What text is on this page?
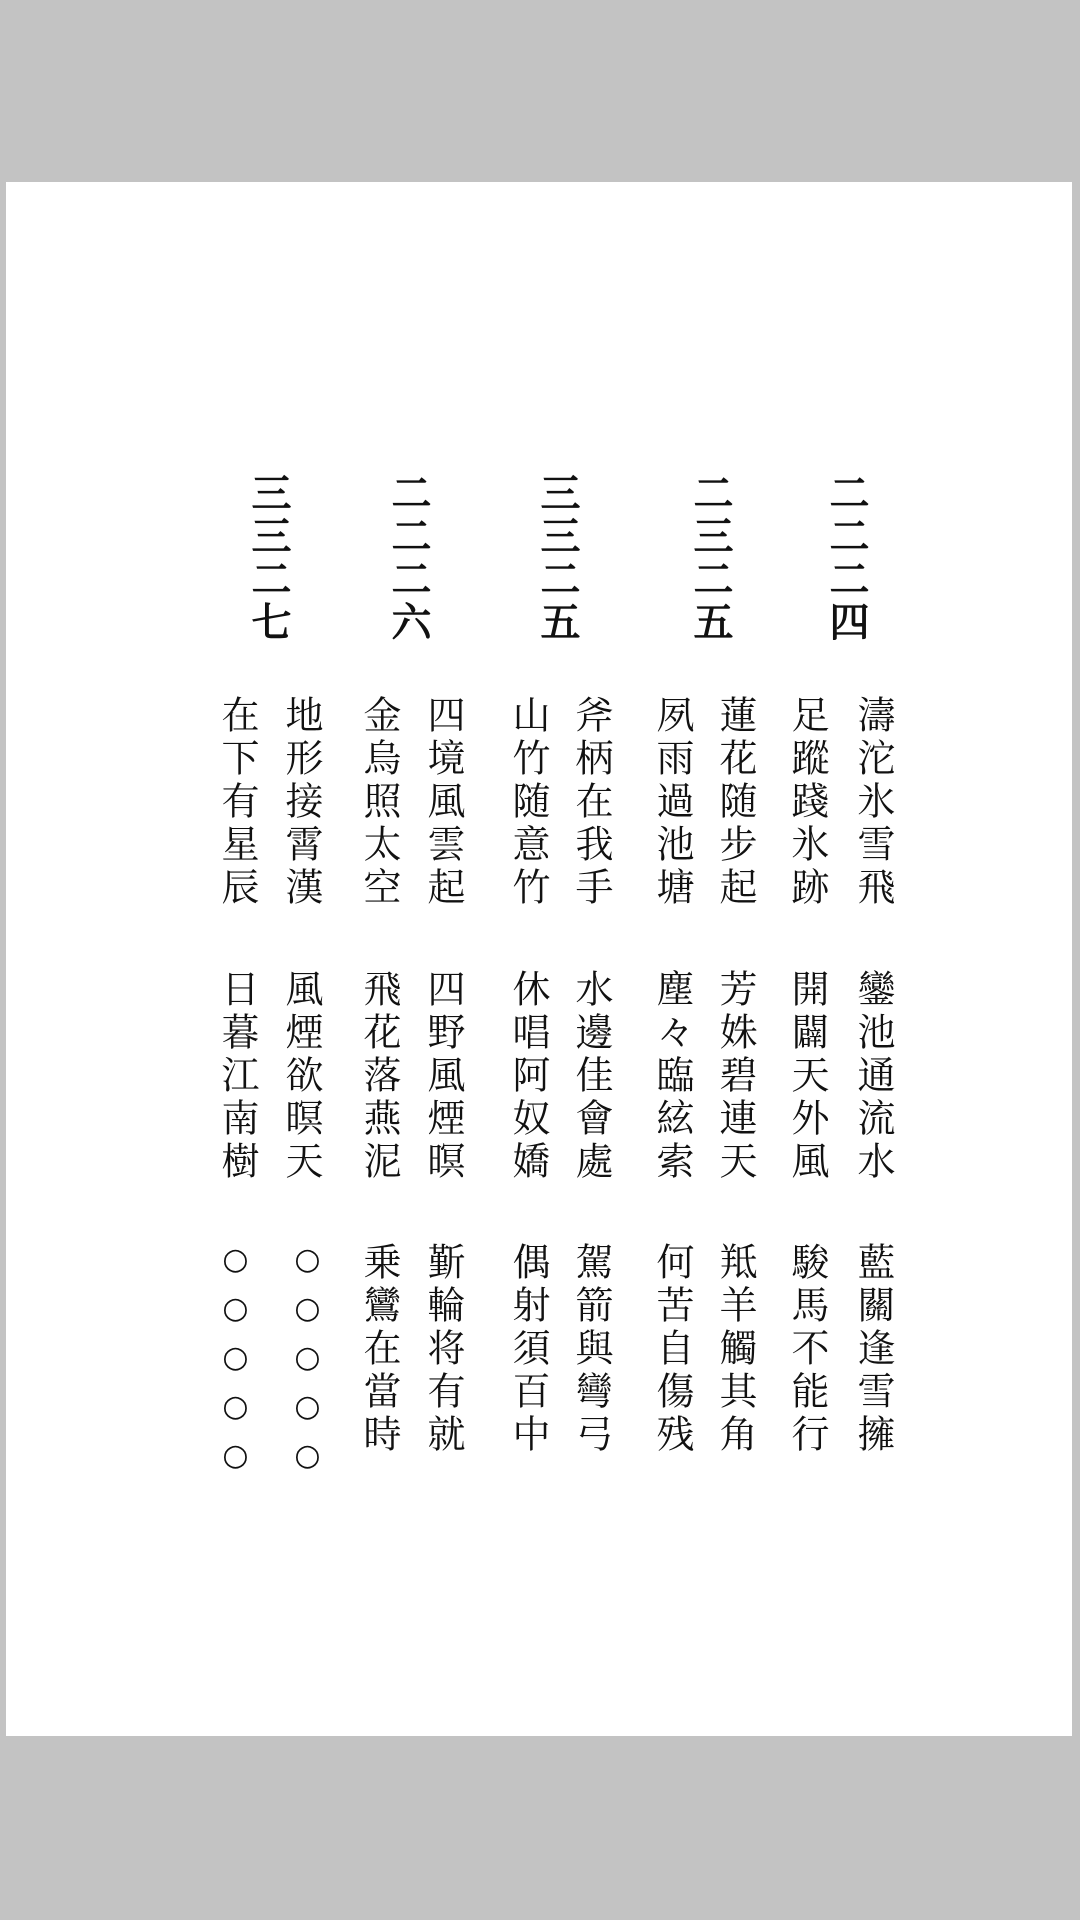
二二二四
濤沱氷雪飛
足蹤踐氷跡
鑾池通流水
開闢天外風
藍關逢雪擁
駿馬不能行
二三二五
夙雨過池塘 蓮花随步起
塵々臨絃索 芳姝碧連天
何苦自傷残 羝羊觸其角
三三二五
山竹随意竹 斧柄在我手
休唱阿奴嬌 水邊佳會處
偶射須百中 駕箭與彎弓
二二二六
金烏照太空 四境風雲起
飛花落燕泥 四野風煙暝
乗鸞在當時 斳輪将有就
三三二七
在下有星辰 地形接霄漢
日暮江南樹 風煙欲暝天
○○○○○ ○○○○○
